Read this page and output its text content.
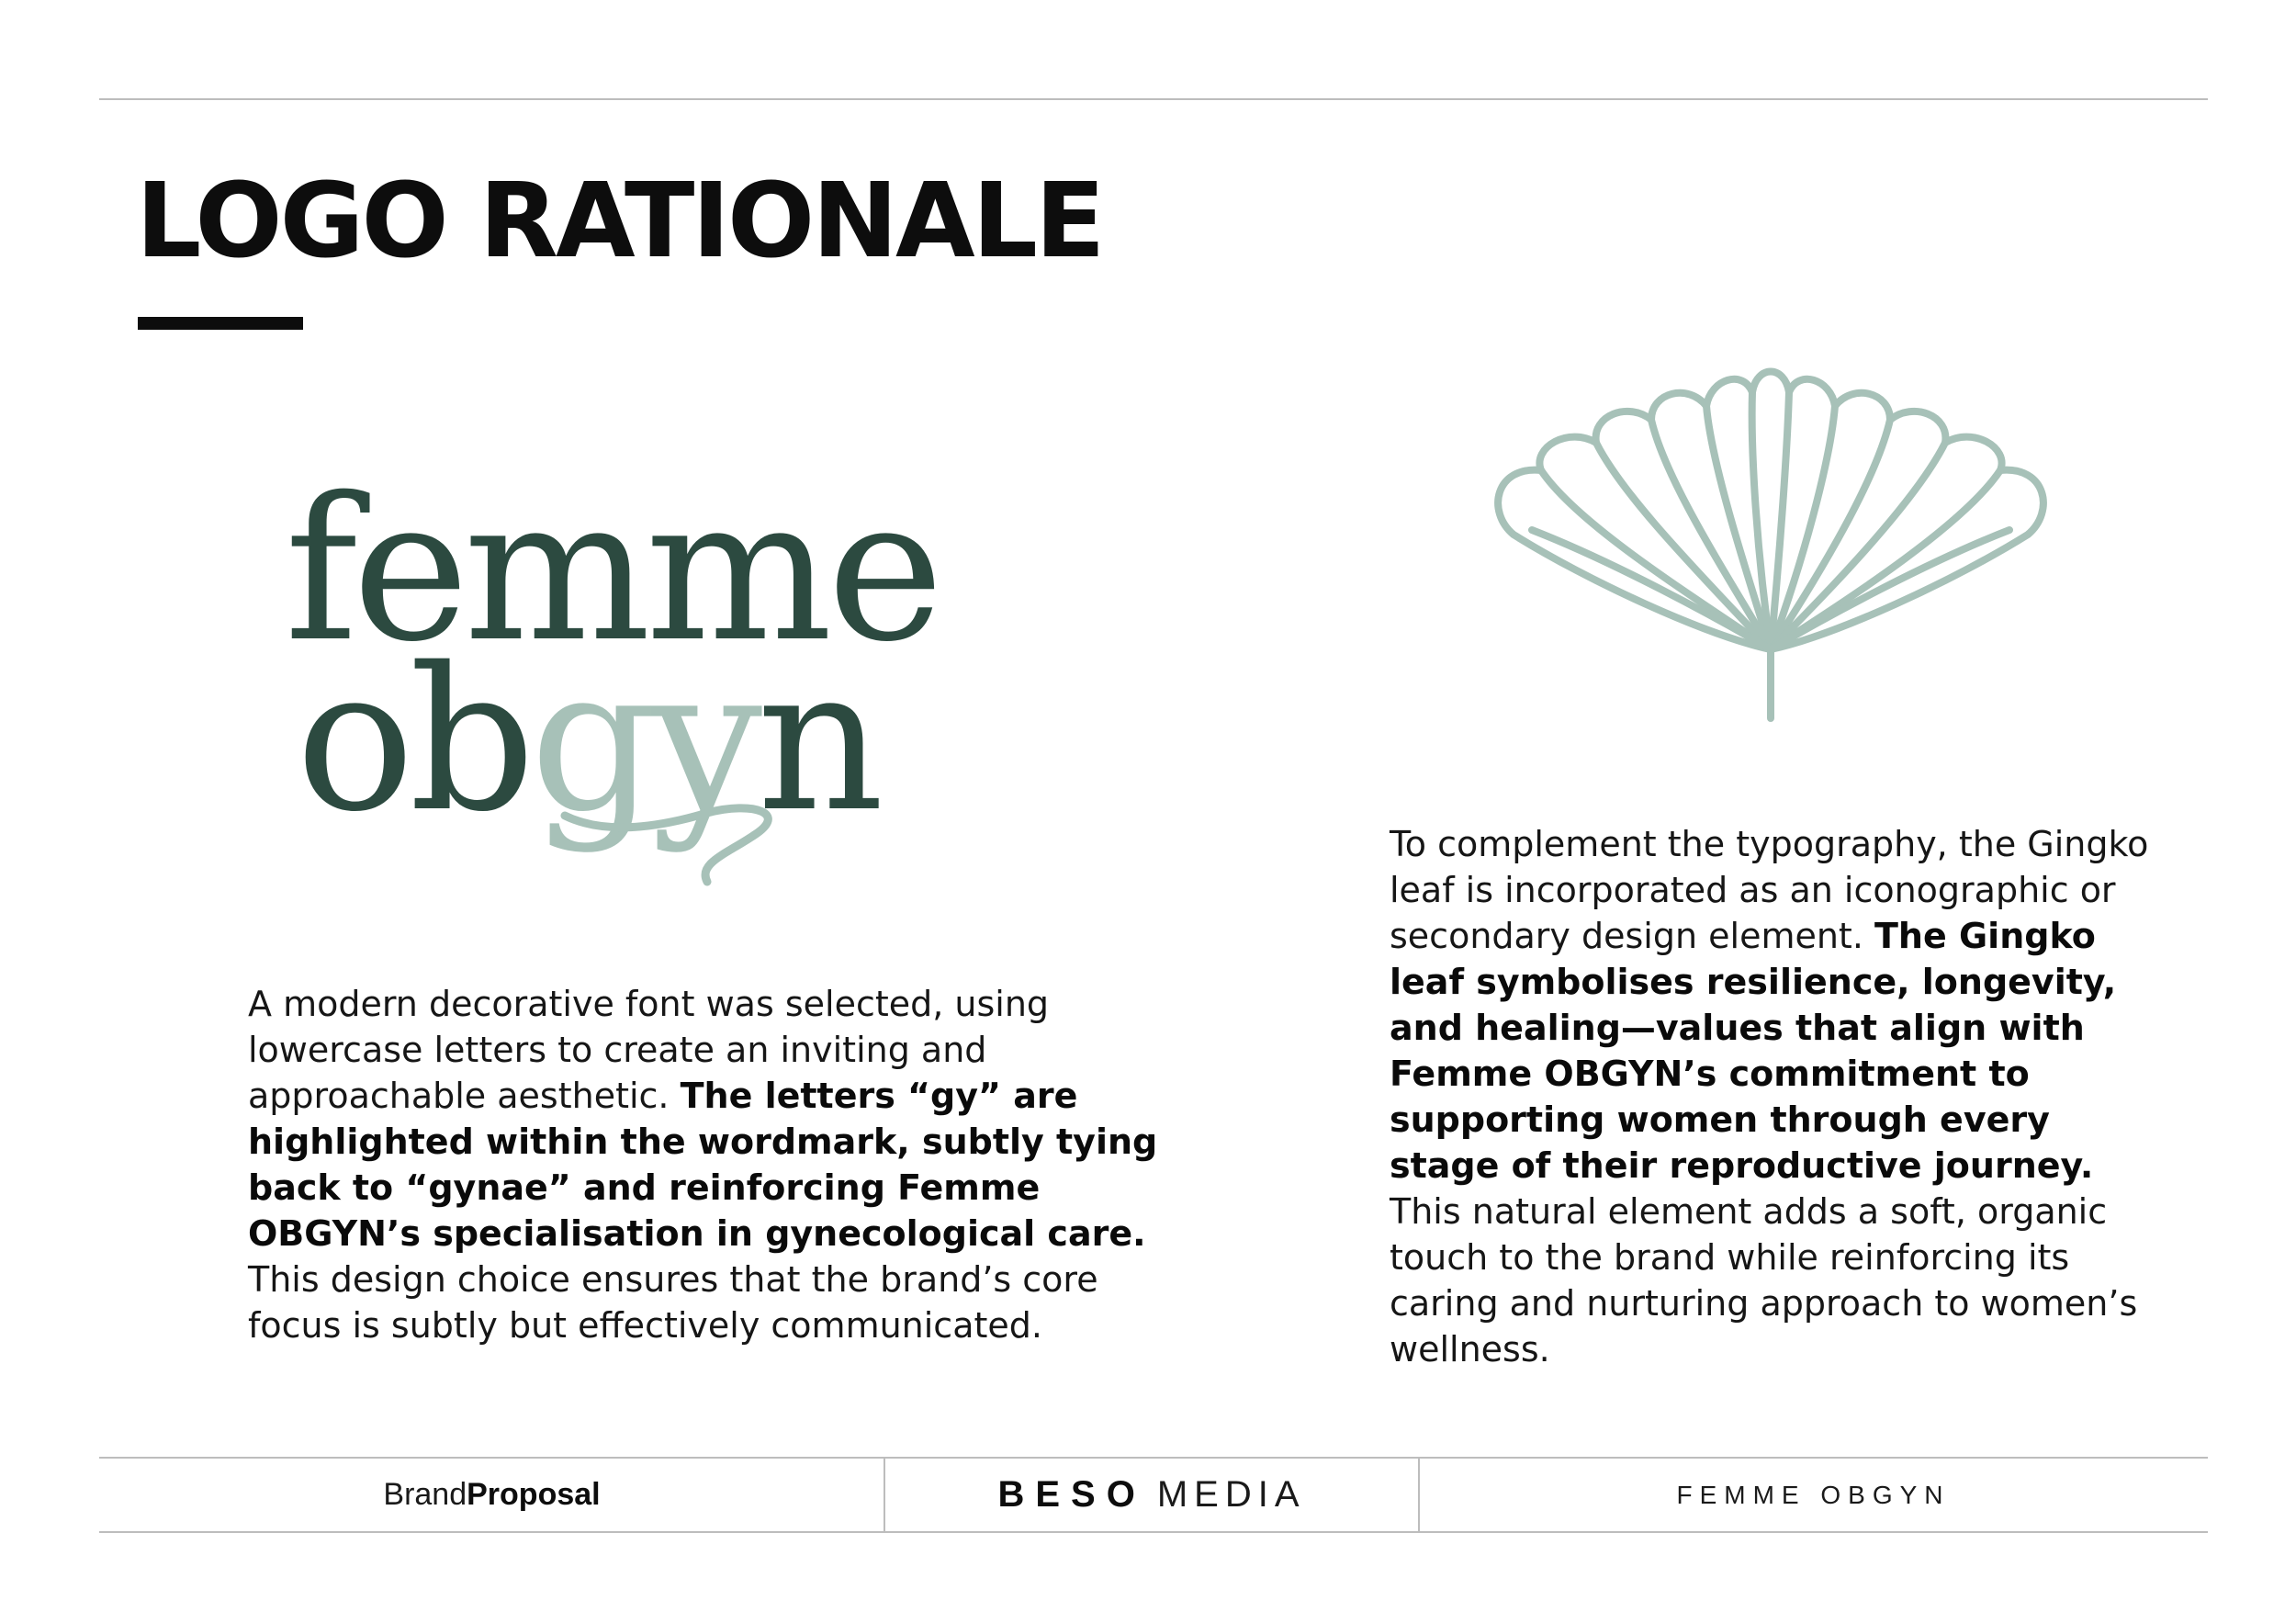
LOGO RATIONALE
femme
obgyn

A modern decorative font was selected, using lowercase letters to create an inviting and approachable aesthetic. The letters “gy” are highlighted within the wordmark, subtly tying back to “gynae” and reinforcing Femme OBGYN’s specialisation in gynecological care. This design choice ensures that the brand’s core focus is subtly but effectively communicated.

To complement the typography, the Gingko leaf is incorporated as an iconographic or secondary design element. The Gingko leaf symbolises resilience, longevity, and healing—values that align with Femme OBGYN’s commitment to supporting women through every stage of their reproductive journey. This natural element adds a soft, organic touch to the brand while reinforcing its caring and nurturing approach to women’s wellness.

Brand Proposal	BESO MEDIA	FEMME OBGYN
